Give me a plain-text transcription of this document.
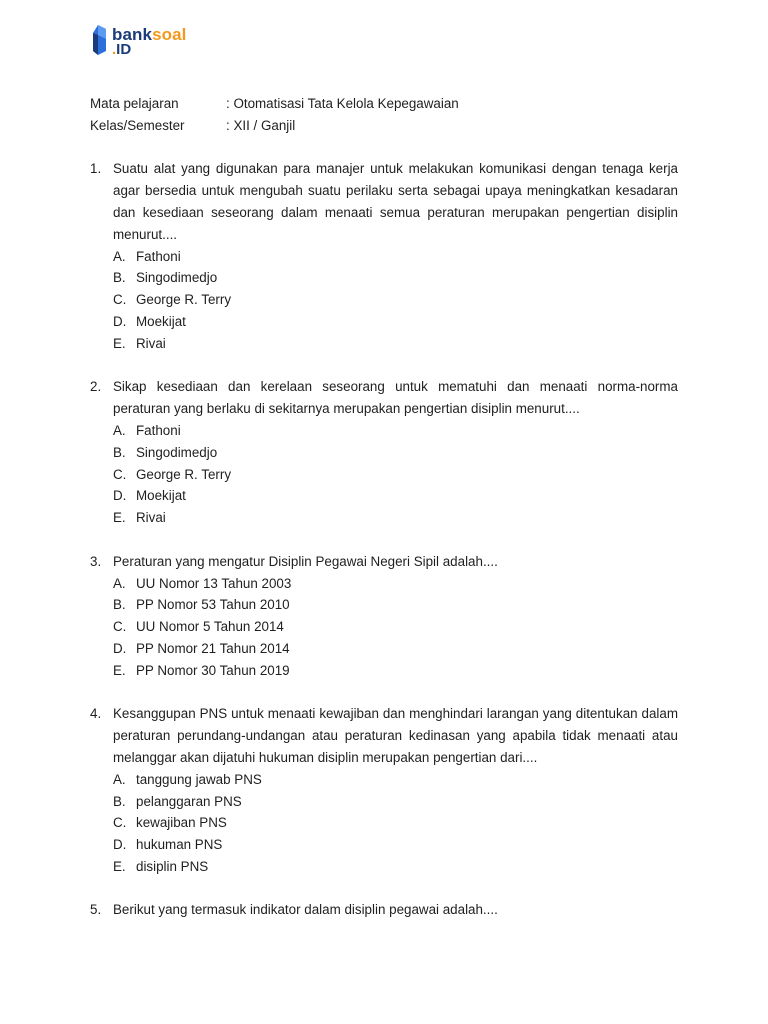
banksoal
.ID
Mata pelajaran	: Otomatisasi Tata Kelola Kepegawaian
Kelas/Semester	: XII / Ganjil
1. Suatu alat yang digunakan para manajer untuk melakukan komunikasi dengan tenaga kerja agar bersedia untuk mengubah suatu perilaku serta sebagai upaya meningkatkan kesadaran dan kesediaan seseorang dalam menaati semua peraturan merupakan pengertian disiplin menurut....
A. Fathoni
B. Singodimedjo
C. George R. Terry
D. Moekijat
E. Rivai
2. Sikap kesediaan dan kerelaan seseorang untuk mematuhi dan menaati norma-norma peraturan yang berlaku di sekitarnya merupakan pengertian disiplin menurut....
A. Fathoni
B. Singodimedjo
C. George R. Terry
D. Moekijat
E. Rivai
3. Peraturan yang mengatur Disiplin Pegawai Negeri Sipil adalah....
A. UU Nomor 13 Tahun 2003
B. PP Nomor 53 Tahun 2010
C. UU Nomor 5 Tahun 2014
D. PP Nomor 21 Tahun 2014
E. PP Nomor 30 Tahun 2019
4. Kesanggupan PNS untuk menaati kewajiban dan menghindari larangan yang ditentukan dalam peraturan perundang-undangan atau peraturan kedinasan yang apabila tidak menaati atau melanggar akan dijatuhi hukuman disiplin merupakan pengertian dari....
A. tanggung jawab PNS
B. pelanggaran PNS
C. kewajiban PNS
D. hukuman PNS
E. disiplin PNS
5. Berikut yang termasuk indikator dalam disiplin pegawai adalah....
